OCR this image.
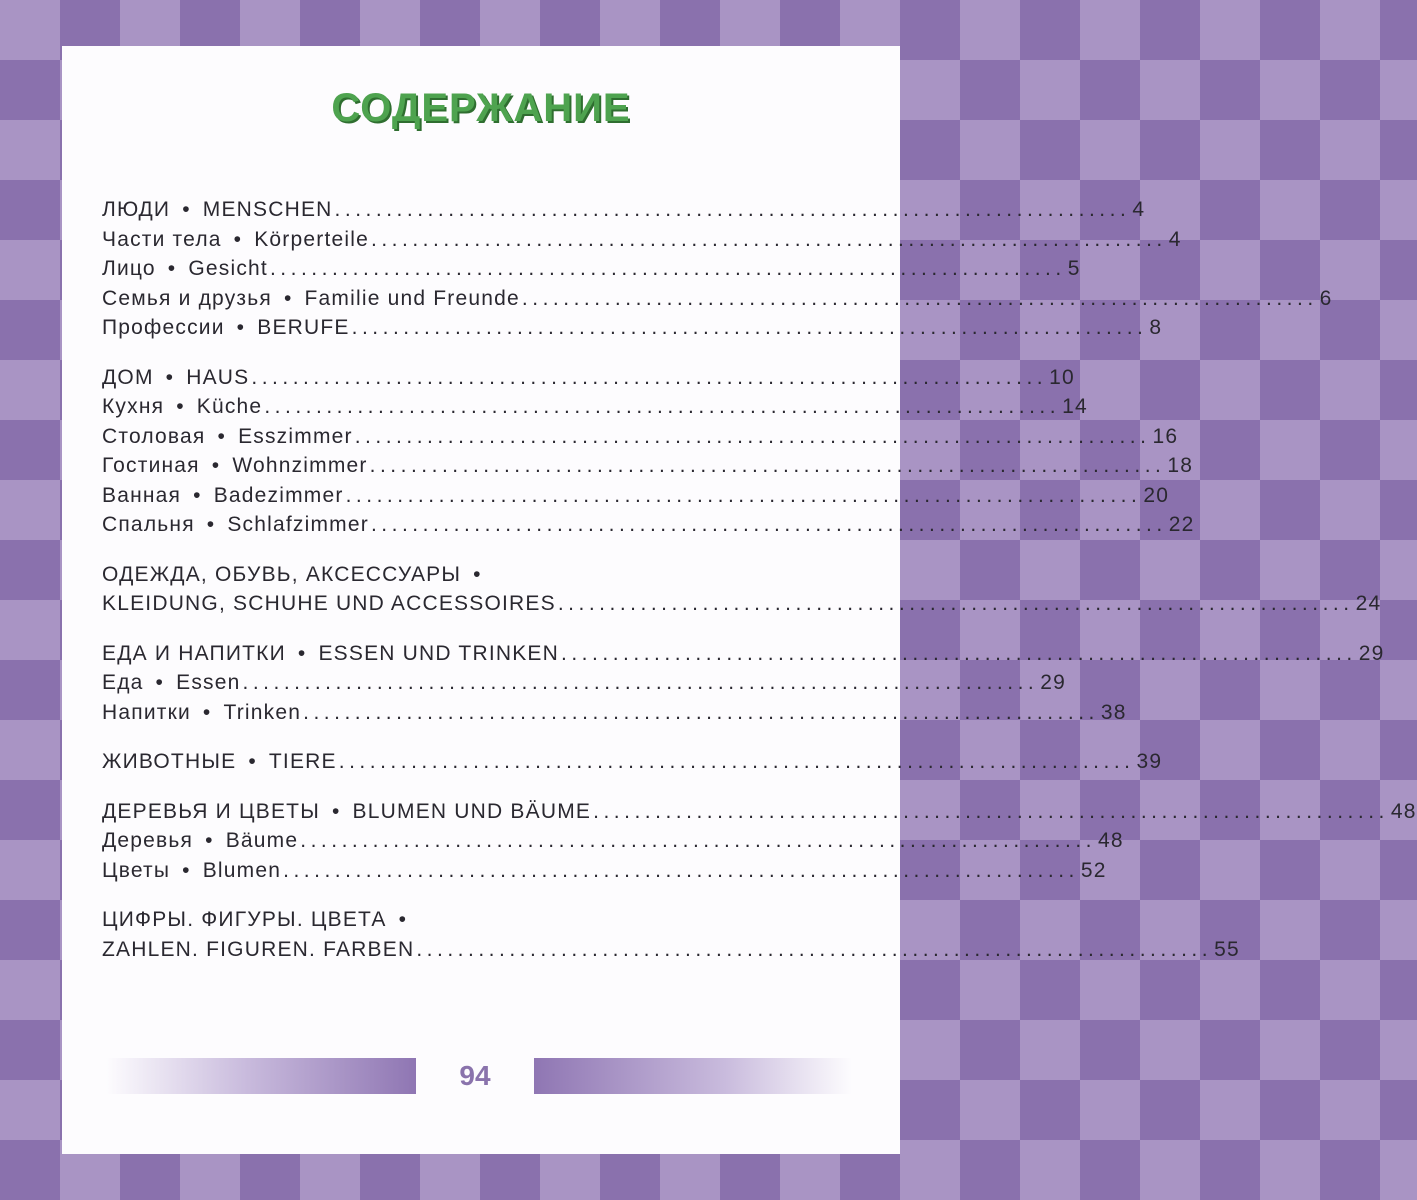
СОДЕРЖАНИЕ
ЛЮДИ • MENSCHEN ............................................................................. 4
Части тела • Körperteile ............................................................................. 4
Лицо • Gesicht ............................................................................. 5
Семья и друзья • Familie und Freunde ............................................................................. 6
Профессии • BERUFE ............................................................................. 8
ДОМ • HAUS ............................................................................. 10
Кухня • Küche ............................................................................. 14
Столовая • Esszimmer ............................................................................. 16
Гостиная • Wohnzimmer ............................................................................. 18
Ванная • Badezimmer ............................................................................. 20
Спальня • Schlafzimmer ............................................................................. 22
ОДЕЖДА, ОБУВЬ, АКСЕССУАРЫ •
KLEIDUNG, SCHUHE UND ACCESSOIRES ............................................................................. 24
ЕДА И НАПИТКИ • ESSEN UND TRINKEN ............................................................................. 29
Еда • Essen ............................................................................. 29
Напитки • Trinken ............................................................................. 38
ЖИВОТНЫЕ • TIERE ............................................................................. 39
ДЕРЕВЬЯ И ЦВЕТЫ • BLUMEN UND BÄUME ............................................................................. 48
Деревья • Bäume ............................................................................. 48
Цветы • Blumen ............................................................................. 52
ЦИФРЫ. ФИГУРЫ. ЦВЕТА •
ZAHLEN. FIGUREN. FARBEN ............................................................................. 55
94
